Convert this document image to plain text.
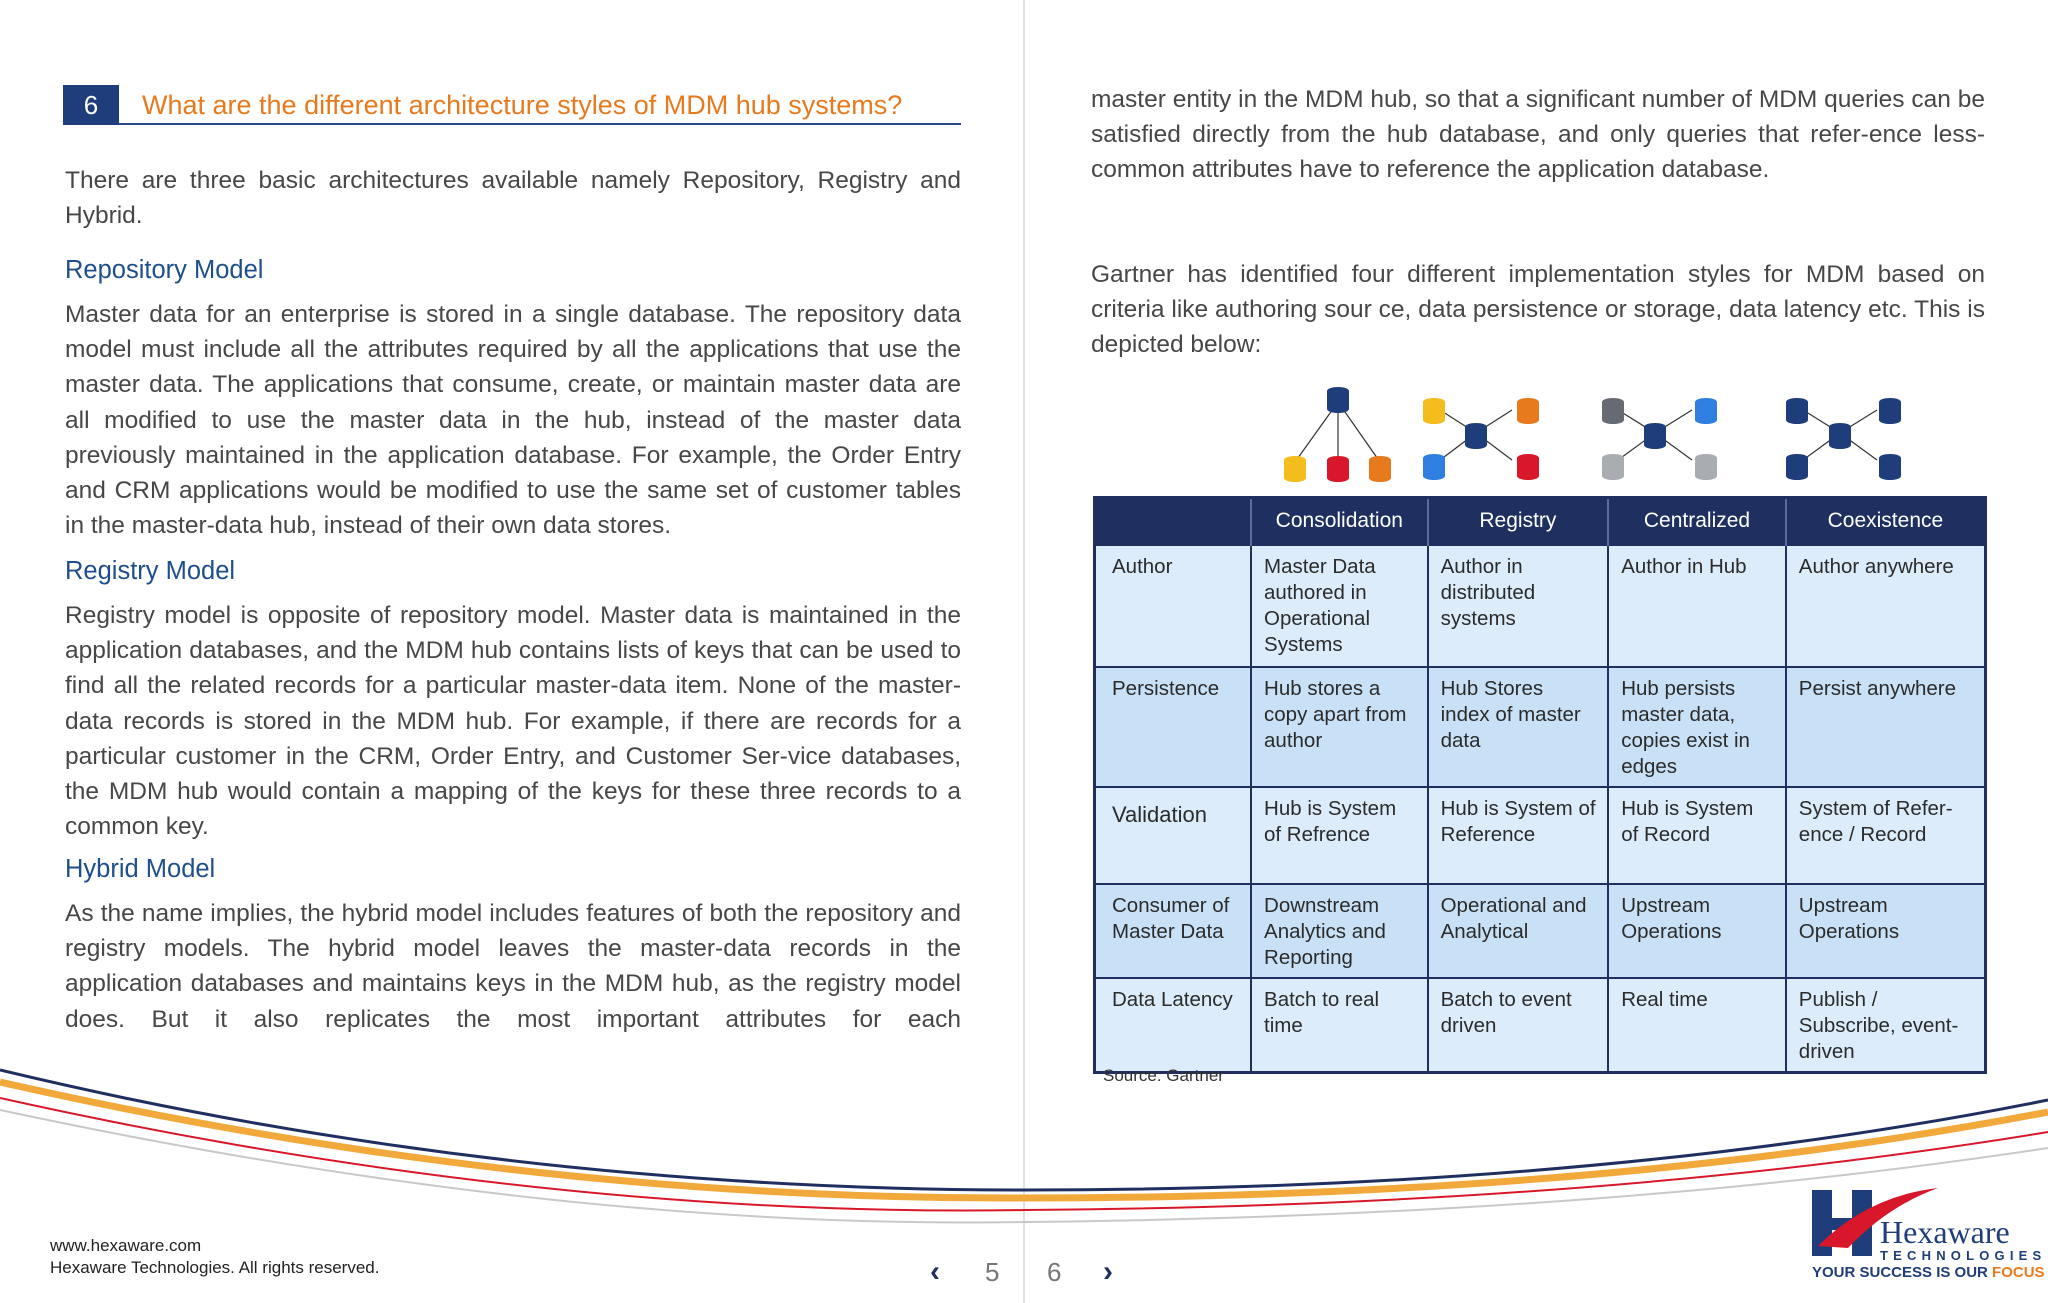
6	What are the different architecture styles of MDM hub systems?
There are three basic architectures available namely Repository, Registry and Hybrid.
Repository Model
Master data for an enterprise is stored in a single database. The repository data model must include all the attributes required by all the applications that use the master data. The applications that consume, create, or maintain master data are all modified to use the master data in the hub, instead of the master data previously maintained in the application database. For example, the Order Entry and CRM applications would be modified to use the same set of customer tables in the master-data hub, instead of their own data stores.
Registry Model
Registry model is opposite of repository model. Master data is maintained in the application databases, and the MDM hub contains lists of keys that can be used to find all the related records for a particular master-data item. None of the master-data records is stored in the MDM hub. For example, if there are records for a particular customer in the CRM, Order Entry, and Customer Ser-vice databases, the MDM hub would contain a mapping of the keys for these three records to a common key.
Hybrid Model
As the name implies, the hybrid model includes features of both the repository and registry models. The hybrid model leaves the master-data records in the application databases and maintains keys in the MDM hub, as the registry model does. But it also replicates the most important attributes for each
master entity in the MDM hub, so that a significant number of MDM queries can be satisfied directly from the hub database, and only queries that refer-ence less-common attributes have to reference the application database.
Gartner has identified four different implementation styles for MDM based on criteria like authoring sour ce, data persistence or storage, data latency etc. This is depicted below:
	Consolidation	Registry	Centralized	Coexistence
Author	Master Data authored in Operational Systems	Author in distributed systems	Author in Hub	Author anywhere
Persistence	Hub stores a copy apart from author	Hub Stores index of master data	Hub persists master data, copies exist in edges	Persist anywhere
Validation	Hub is System of Refrence	Hub is System of Reference	Hub is System of Record	System of Refer-ence / Record
Consumer of Master Data	Downstream Analytics and Reporting	Operational and Analytical	Upstream Operations	Upstream Operations
Data Latency	Batch to real time	Batch to event driven	Real time	Publish / Subscribe, event-driven
Source: Gartner
www.hexaware.com
Hexaware Technologies. All rights reserved.	‹ 5 6 ›
Hexaware
TECHNOLOGIES
YOUR SUCCESS IS OUR FOCUS
